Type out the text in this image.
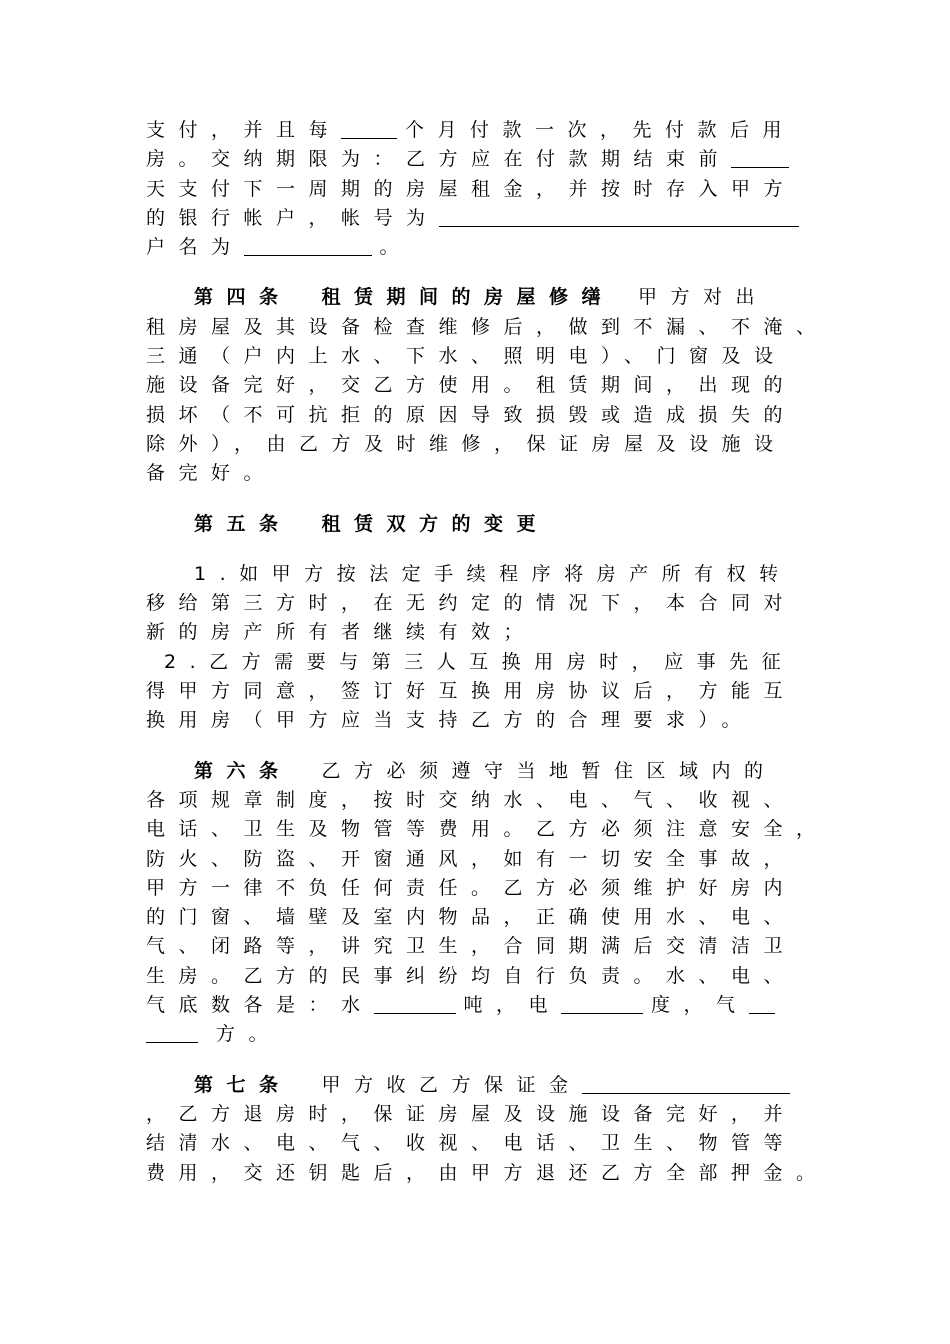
支付，并且每	个月付款一次，先付款后用
房。交纳期限为：乙方应在付款期结束前
天支付下一周期的房屋租金，并按时存入甲方
的银行帐户，帐号为
户名为	。
第四条 租赁期间的房屋修缮 甲方对出
租房屋及其设备检查维修后，做到不漏、不淹、
三通（户内上水、下水、照明电）、门窗及设
施设备完好，交乙方使用。租赁期间，出现的
损坏（不可抗拒的原因导致损毁或造成损失的
除外），由乙方及时维修，保证房屋及设施设
备完好。
第五条 租赁双方的变更
1.如甲方按法定手续程序将房产所有权转
移给第三方时，在无约定的情况下，本合同对
新的房产所有者继续有效；
2.乙方需要与第三人互换用房时，应事先征
得甲方同意，签订好互换用房协议后，方能互
换用房（甲方应当支持乙方的合理要求）。
第六条 乙方必须遵守当地暂住区域内的
各项规章制度，按时交纳水、电、气、收视、
电话、卫生及物管等费用。乙方必须注意安全，
防火、防盗、开窗通风，如有一切安全事故，
甲方一律不负任何责任。乙方必须维护好房内
的门窗、墙壁及室内物品，正确使用水、电、
气、闭路等，讲究卫生，合同期满后交清洁卫
生房。乙方的民事纠纷均自行负责。水、电、
气底数各是：水	吨，电	度，气
方。
第七条 甲方收乙方保证金
，乙方退房时，保证房屋及设施设备完好，并
结清水、电、气、收视、电话、卫生、物管等
费用，交还钥匙后，由甲方退还乙方全部押金。
